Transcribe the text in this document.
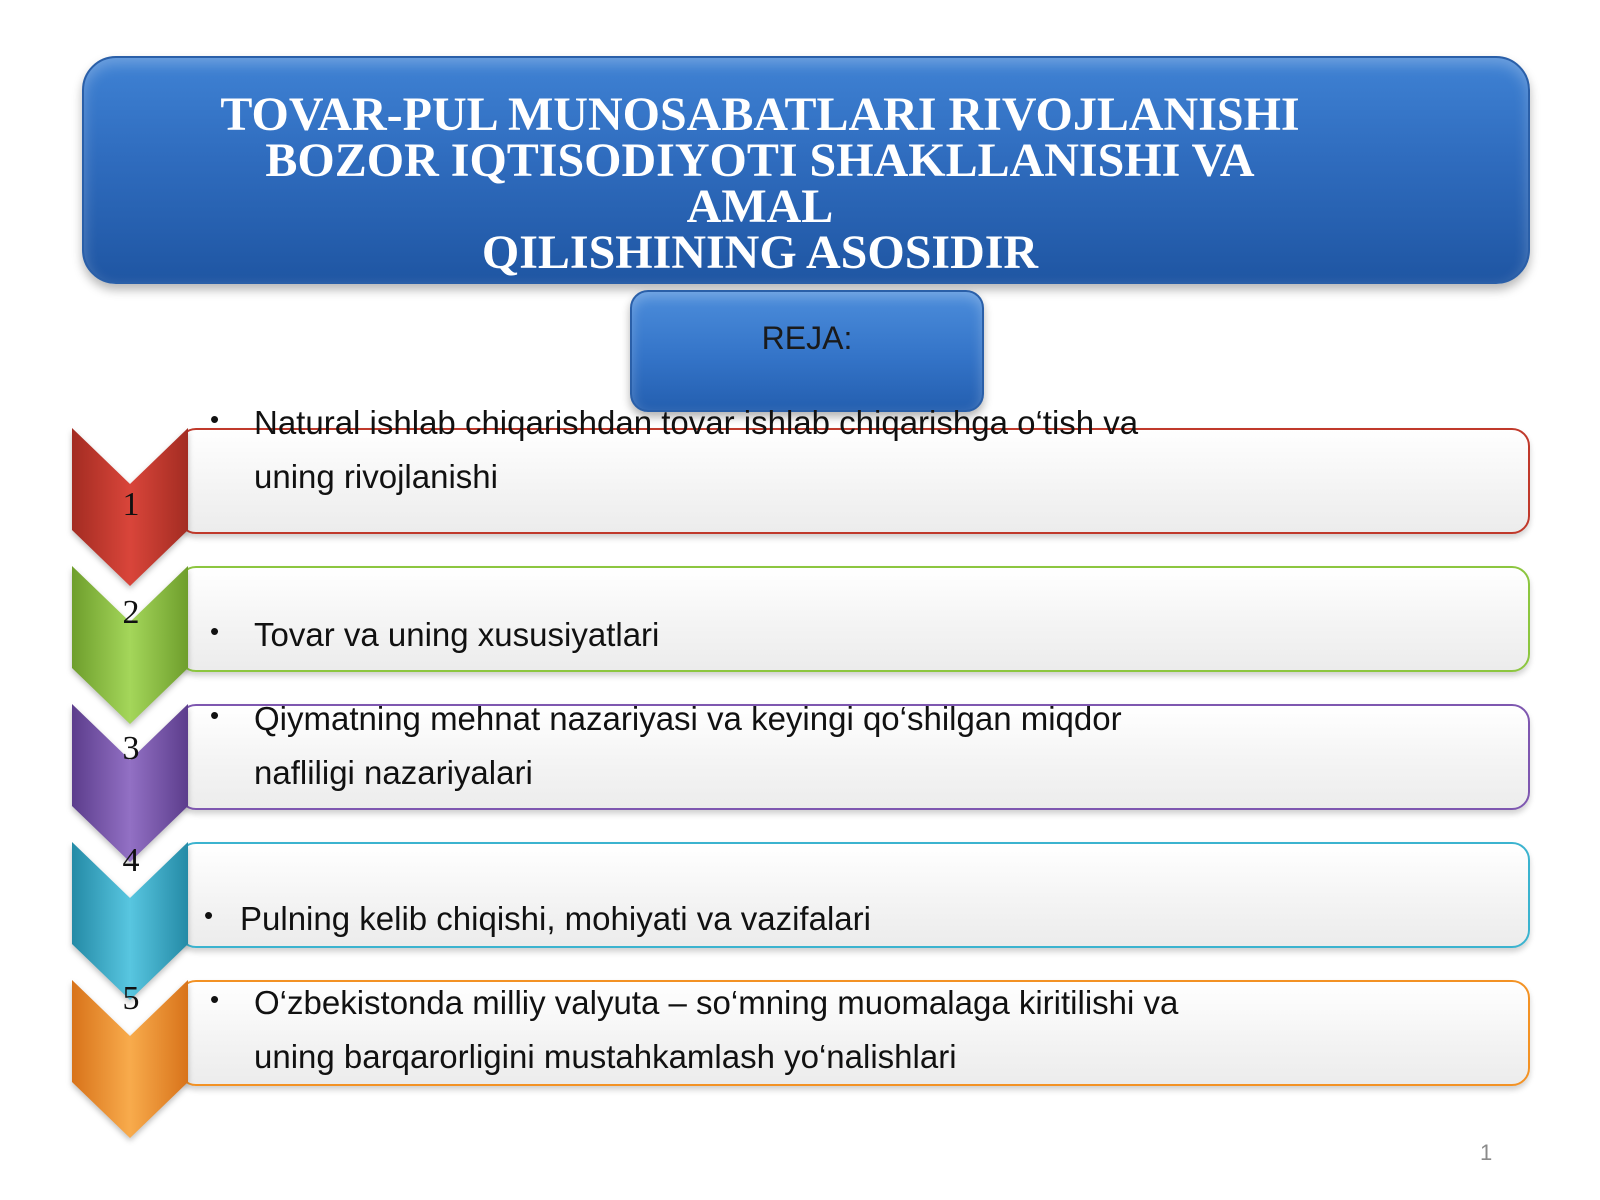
TOVAR-PUL MUNOSABATLARI RIVOJLANISHI
BOZOR IQTISODIYOTI SHAKLLANISHI VA
AMAL
QILISHINING ASOSIDIR
REJA:
1
•	Natural ishlab chiqarishdan tovar ishlab chiqarishga o‘tish va
uning rivojlanishi
2	•	Tovar va uning xususiyatlari
3
•	Qiymatning mehnat nazariyasi va keyingi qo‘shilgan miqdor
nafliligi nazariyalari
4
• Pulning kelib chiqishi, mohiyati va vazifalari
5	•	O‘zbekistonda milliy valyuta – so‘mning muomalaga kiritilishi va
uning barqarorligini mustahkamlash yo‘nalishlari
1
